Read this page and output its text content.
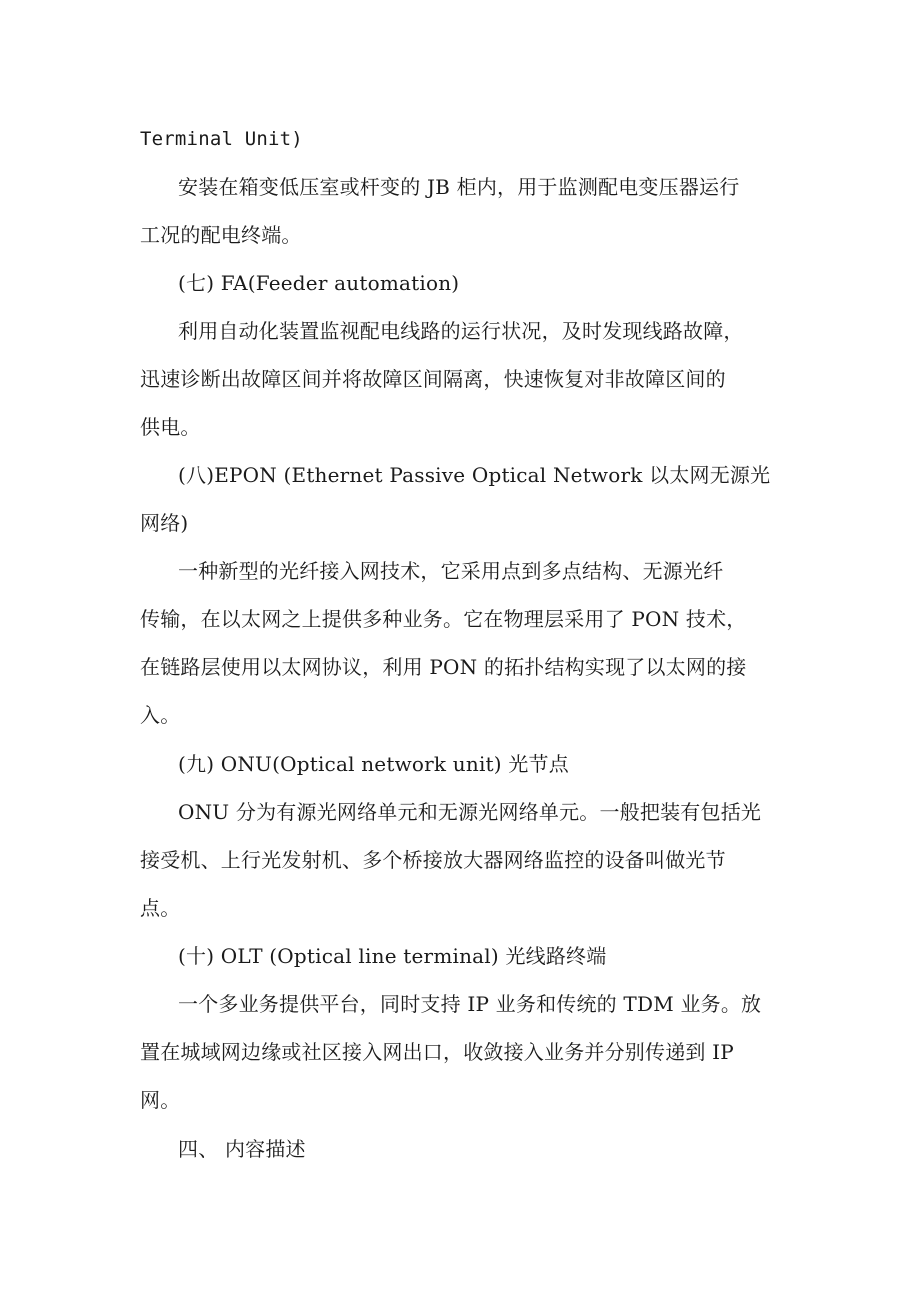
Terminal Unit)
安装在箱变低压室或杆变的 JB 柜内，用于监测配电变压器运行
工况的配电终端。
(七) FA(Feeder automation)
利用自动化装置监视配电线路的运行状况，及时发现线路故障，
迅速诊断出故障区间并将故障区间隔离，快速恢复对非故障区间的
供电。
(八)EPON (Ethernet Passive Optical Network 以太网无源光
网络)
一种新型的光纤接入网技术，它采用点到多点结构、无源光纤
传输，在以太网之上提供多种业务。它在物理层采用了 PON 技术，
在链路层使用以太网协议，利用 PON 的拓扑结构实现了以太网的接
入。
(九) ONU(Optical network unit) 光节点
ONU 分为有源光网络单元和无源光网络单元。一般把装有包括光
接受机、上行光发射机、多个桥接放大器网络监控的设备叫做光节
点。
(十) OLT (Optical line terminal) 光线路终端
一个多业务提供平台，同时支持 IP 业务和传统的 TDM 业务。放
置在城域网边缘或社区接入网出口，收敛接入业务并分别传递到 IP
网。
四、 内容描述
